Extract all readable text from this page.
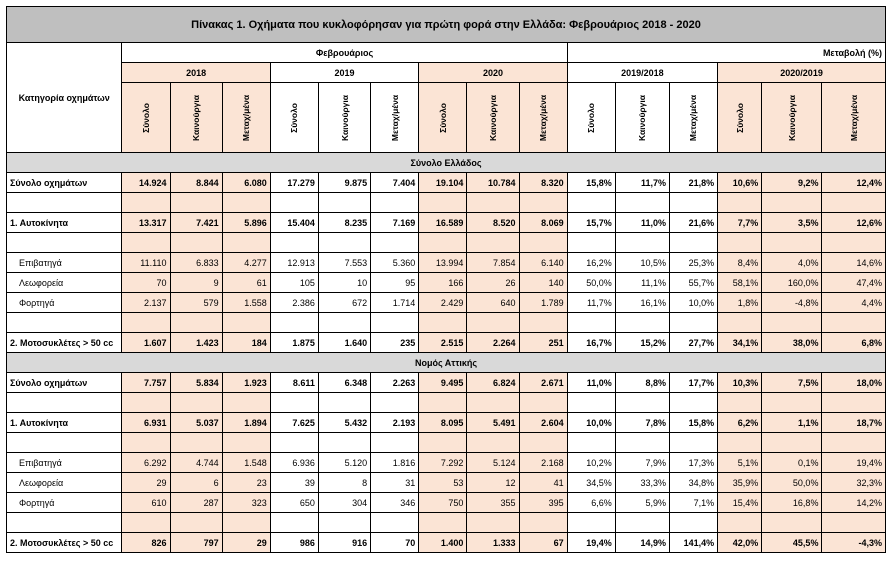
Πίνακας 1. Οχήματα που κυκλοφόρησαν για πρώτη φορά στην Ελλάδα: Φεβρουάριος 2018 - 2020															
Κατηγορία οχημάτων	Φεβρουάριος									Μεταβολή (%)					
	2018			2019			2020			2019/2018			2020/2019		
	Σύνολο	Καινούργια	Μεταχ/μένα	Σύνολο	Καινούργια	Μεταχ/μένα	Σύνολο	Καινούργια	Μεταχ/μένα	Σύνολο	Καινούργια	Μεταχ/μένα	Σύνολο	Καινούργια	Μεταχ/μένα
Σύνολο Ελλάδος															
Σύνολο οχημάτων	14.924	8.844	6.080	17.279	9.875	7.404	19.104	10.784	8.320	15,8%	11,7%	21,8%	10,6%	9,2%	12,4%

1. Αυτοκίνητα	13.317	7.421	5.896	15.404	8.235	7.169	16.589	8.520	8.069	15,7%	11,0%	21,6%	7,7%	3,5%	12,6%

Επιβατηγά	11.110	6.833	4.277	12.913	7.553	5.360	13.994	7.854	6.140	16,2%	10,5%	25,3%	8,4%	4,0%	14,6%
Λεωφορεία	70	9	61	105	10	95	166	26	140	50,0%	11,1%	55,7%	58,1%	160,0%	47,4%
Φορτηγά	2.137	579	1.558	2.386	672	1.714	2.429	640	1.789	11,7%	16,1%	10,0%	1,8%	-4,8%	4,4%

2. Μοτοσυκλέτες > 50 cc	1.607	1.423	184	1.875	1.640	235	2.515	2.264	251	16,7%	15,2%	27,7%	34,1%	38,0%	6,8%
Νομός Αττικής															
Σύνολο οχημάτων	7.757	5.834	1.923	8.611	6.348	2.263	9.495	6.824	2.671	11,0%	8,8%	17,7%	10,3%	7,5%	18,0%

1. Αυτοκίνητα	6.931	5.037	1.894	7.625	5.432	2.193	8.095	5.491	2.604	10,0%	7,8%	15,8%	6,2%	1,1%	18,7%

Επιβατηγά	6.292	4.744	1.548	6.936	5.120	1.816	7.292	5.124	2.168	10,2%	7,9%	17,3%	5,1%	0,1%	19,4%
Λεωφορεία	29	6	23	39	8	31	53	12	41	34,5%	33,3%	34,8%	35,9%	50,0%	32,3%
Φορτηγά	610	287	323	650	304	346	750	355	395	6,6%	5,9%	7,1%	15,4%	16,8%	14,2%

2. Μοτοσυκλέτες > 50 cc	826	797	29	986	916	70	1.400	1.333	67	19,4%	14,9%	141,4%	42,0%	45,5%	-4,3%
